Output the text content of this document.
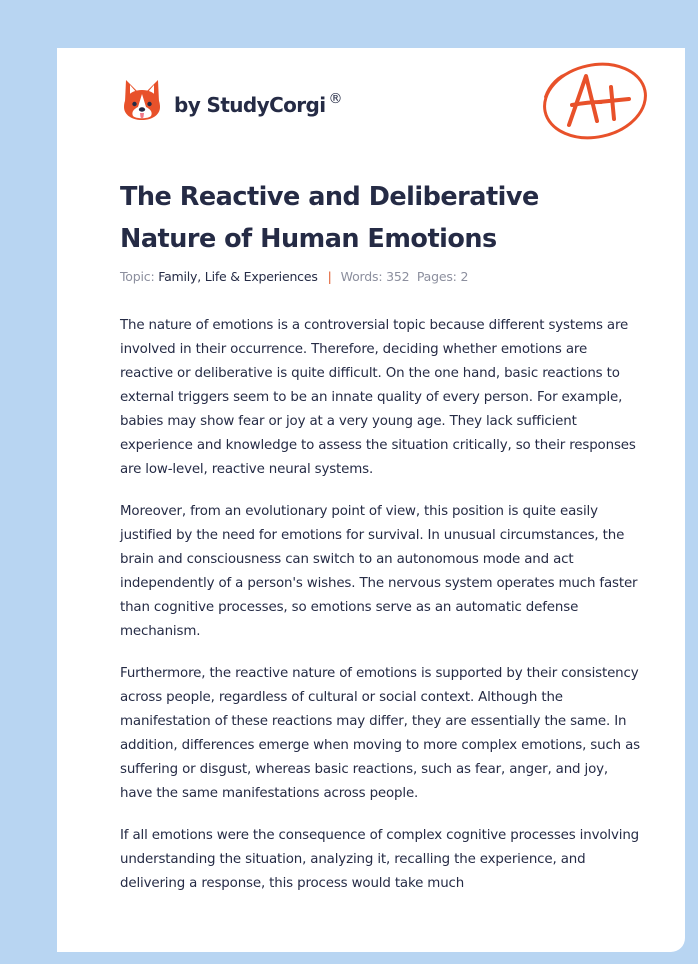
by StudyCorgi ®
The Reactive and Deliberative Nature of Human Emotions
Topic: Family, Life & Experiences | Words: 352 Pages: 2

The nature of emotions is a controversial topic because different systems are involved in their occurrence. Therefore, deciding whether emotions are reactive or deliberative is quite difficult. On the one hand, basic reactions to external triggers seem to be an innate quality of every person. For example, babies may show fear or joy at a very young age. They lack sufficient experience and knowledge to assess the situation critically, so their responses are low-level, reactive neural systems.

Moreover, from an evolutionary point of view, this position is quite easily justified by the need for emotions for survival. In unusual circumstances, the brain and consciousness can switch to an autonomous mode and act independently of a person's wishes. The nervous system operates much faster than cognitive processes, so emotions serve as an automatic defense mechanism.

Furthermore, the reactive nature of emotions is supported by their consistency across people, regardless of cultural or social context. Although the manifestation of these reactions may differ, they are essentially the same. In addition, differences emerge when moving to more complex emotions, such as suffering or disgust, whereas basic reactions, such as fear, anger, and joy, have the same manifestations across people.

If all emotions were the consequence of complex cognitive processes involving understanding the situation, analyzing it, recalling the experience, and delivering a response, this process would take much
